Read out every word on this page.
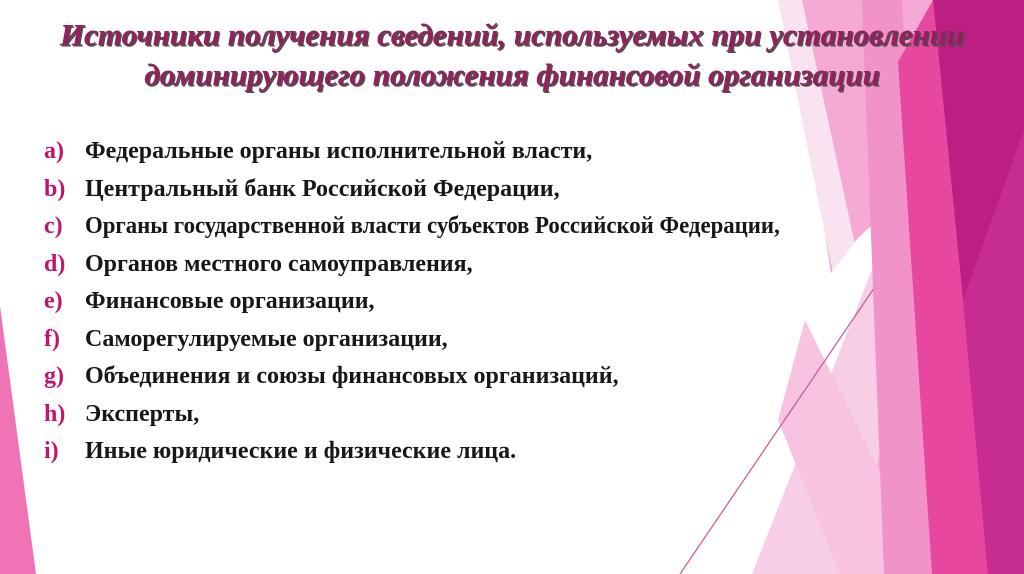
Источники получения сведений, используемых при установлении
доминирующего положения финансовой организации
a) Федеральные органы исполнительной власти,
b) Центральный банк Российской Федерации,
c) Органы государственной власти субъектов Российской Федерации,
d) Органов местного самоуправления,
e) Финансовые организации,
f)	Саморегулируемые организации,
g) Объединения и союзы финансовых организаций,
h) Эксперты,
i)	Иные юридические и физические лица.
